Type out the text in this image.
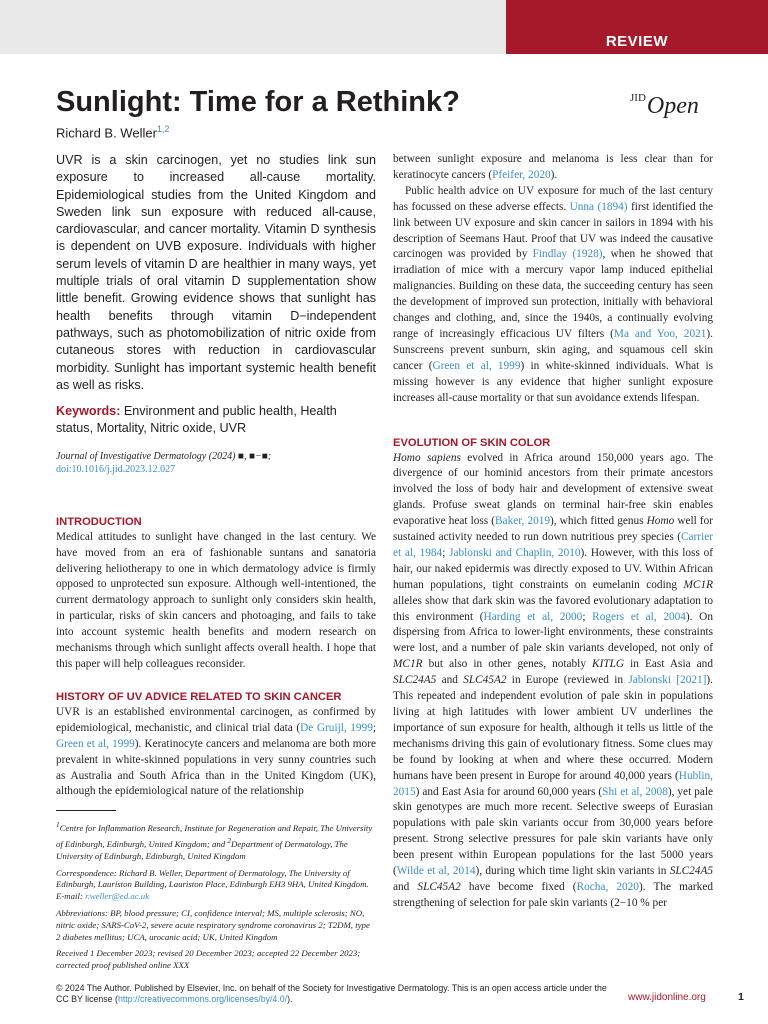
REVIEW
Sunlight: Time for a Rethink?	$^{JID}$Open
Richard B. Weller$^{1,2}$

UVR is a skin carcinogen, yet no studies link sun exposure to increased all-cause mortality. Epidemiological studies from the United Kingdom and Sweden link sun exposure with reduced all-cause, cardiovascular, and cancer mortality. Vitamin D synthesis is dependent on UVB exposure. Individuals with higher serum levels of vitamin D are healthier in many ways, yet multiple trials of oral vitamin D supplementation show little benefit. Growing evidence shows that sunlight has health benefits through vitamin D−independent pathways, such as photomobilization of nitric oxide from cutaneous stores with reduction in cardiovascular morbidity. Sunlight has important systemic health benefit as well as risks.

Keywords: Environment and public health, Health status, Mortality, Nitric oxide, UVR

Journal of Investigative Dermatology (2024) ■, ■−■; doi:10.1016/j.jid.2023.12.027

INTRODUCTION

Medical attitudes to sunlight have changed in the last century. We have moved from an era of fashionable suntans and sanatoria delivering heliotherapy to one in which dermatology advice is firmly opposed to unprotected sun exposure. Although well-intentioned, the current dermatology approach to sunlight only considers skin health, in particular, risks of skin cancers and photoaging, and fails to take into account systemic health benefits and modern research on mechanisms through which sunlight affects overall health. I hope that this paper will help colleagues reconsider.

HISTORY OF UV ADVICE RELATED TO SKIN CANCER

UVR is an established environmental carcinogen, as confirmed by epidemiological, mechanistic, and clinical trial data (De Gruijl, 1999; Green et al, 1999). Keratinocyte cancers and melanoma are both more prevalent in white-skinned populations in very sunny countries such as Australia and South Africa than in the United Kingdom (UK), although the epidemiological nature of the relationship

$^1$Centre for Inflammation Research, Institute for Regeneration and Repair, The University of Edinburgh, Edinburgh, United Kingdom; and $^2$Department of Dermatology, The University of Edinburgh, Edinburgh, United Kingdom

Correspondence: Richard B. Weller, Department of Dermatology, The University of Edinburgh, Lauriston Building, Lauriston Place, Edinburgh EH3 9HA, United Kingdom. E-mail: r.weller@ed.ac.uk

Abbreviations: BP, blood pressure; CI, confidence interval; MS, multiple sclerosis; NO, nitric oxide; SARS-CoV-2, severe acute respiratory syndrome coronavirus 2; T2DM, type 2 diabetes mellitus; UCA, urocanic acid; UK, United Kingdom

Received 1 December 2023; revised 20 December 2023; accepted 22 December 2023; corrected proof published online XXX

between sunlight exposure and melanoma is less clear than for keratinocyte cancers (Pfeifer, 2020).

Public health advice on UV exposure for much of the last century has focussed on these adverse effects. Unna (1894) first identified the link between UV exposure and skin cancer in sailors in 1894 with his description of Seemans Haut. Proof that UV was indeed the causative carcinogen was provided by Findlay (1928), when he showed that irradiation of mice with a mercury vapor lamp induced epithelial malignancies. Building on these data, the succeeding century has seen the development of improved sun protection, initially with behavioral changes and clothing, and, since the 1940s, a continually evolving range of increasingly efficacious UV filters (Ma and Yoo, 2021). Sunscreens prevent sunburn, skin aging, and squamous cell skin cancer (Green et al, 1999) in white-skinned individuals. What is missing however is any evidence that higher sunlight exposure increases all-cause mortality or that sun avoidance extends lifespan.

EVOLUTION OF SKIN COLOR

Homo sapiens evolved in Africa around 150,000 years ago. The divergence of our hominid ancestors from their primate ancestors involved the loss of body hair and development of extensive sweat glands. Profuse sweat glands on terminal hair-free skin enables evaporative heat loss (Baker, 2019), which fitted genus Homo well for sustained activity needed to run down nutritious prey species (Carrier et al, 1984; Jablonski and Chaplin, 2010). However, with this loss of hair, our naked epidermis was directly exposed to UV. Within African human populations, tight constraints on eumelanin coding MC1R alleles show that dark skin was the favored evolutionary adaptation to this environment (Harding et al, 2000; Rogers et al, 2004). On dispersing from Africa to lower-light environments, these constraints were lost, and a number of pale skin variants developed, not only of MC1R but also in other genes, notably KITLG in East Asia and SLC24A5 and SLC45A2 in Europe (reviewed in Jablonski [2021]). This repeated and independent evolution of pale skin in populations living at high latitudes with lower ambient UV underlines the importance of sun exposure for health, although it tells us little of the mechanisms driving this gain of evolutionary fitness. Some clues may be found by looking at when and where these occurred. Modern humans have been present in Europe for around 40,000 years (Hublin, 2015) and East Asia for around 60,000 years (Shi et al, 2008), yet pale skin genotypes are much more recent. Selective sweeps of Eurasian populations with pale skin variants occur from 30,000 years before present. Strong selective pressures for pale skin variants have only been present within European populations for the last 5000 years (Wilde et al, 2014), during which time light skin variants in SLC24A5 and SLC45A2 have become fixed (Rocha, 2020). The marked strengthening of selection for pale skin variants (2−10 % per

© 2024 The Author. Published by Elsevier, Inc. on behalf of the Society for Investigative Dermatology. This is an open access article under the CC BY license (http://creativecommons.org/licenses/by/4.0/).	www.jidonline.org	1
